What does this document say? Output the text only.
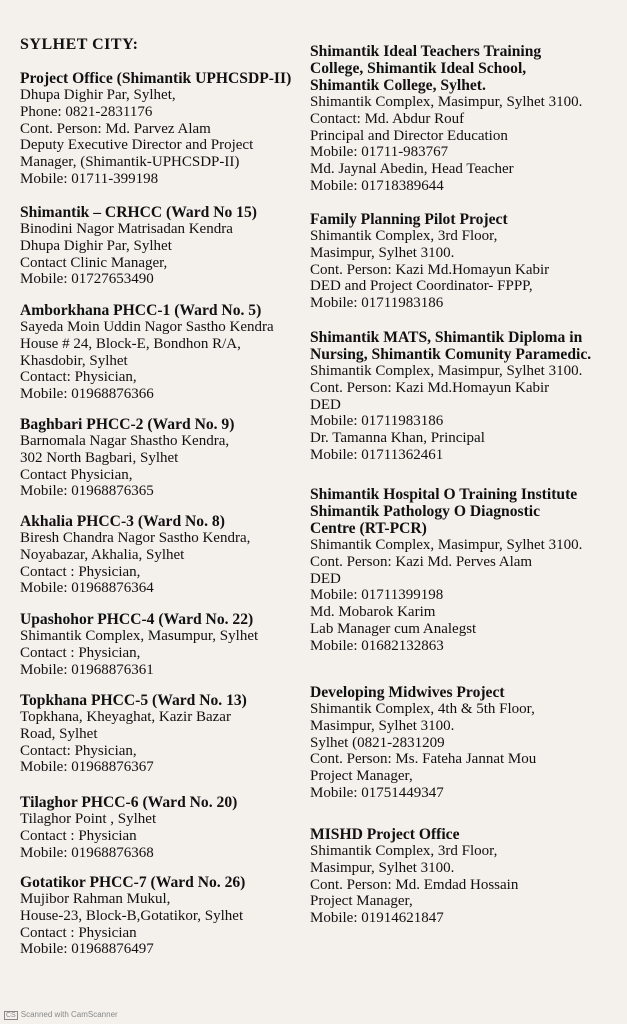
SYLHET CITY:
Project Office (Shimantik UPHCSDP-II)
Dhupa Dighir Par, Sylhet,
Phone: 0821-2831176
Cont. Person: Md. Parvez Alam
Deputy Executive Director and Project
Manager, (Shimantik-UPHCSDP-II)
Mobile: 01711-399198
Shimantik – CRHCC (Ward No 15)
Binodini Nagor Matrisadan Kendra
Dhupa Dighir Par, Sylhet
Contact Clinic Manager,
Mobile: 01727653490
Amborkhana PHCC-1 (Ward No. 5)
Sayeda Moin Uddin Nagor Sastho Kendra
House # 24, Block-E, Bondhon R/A,
Khasdobir, Sylhet
Contact: Physician,
Mobile: 01968876366
Baghbari PHCC-2 (Ward No. 9)
Barnomala Nagar Shastho Kendra,
302 North Bagbari, Sylhet
Contact Physician,
Mobile: 01968876365
Akhalia PHCC-3 (Ward No. 8)
Biresh Chandra Nagor Sastho Kendra,
Noyabazar, Akhalia, Sylhet
Contact : Physician,
Mobile: 01968876364
Upashohor PHCC-4 (Ward No. 22)
Shimantik Complex, Masumpur, Sylhet
Contact : Physician,
Mobile: 01968876361
Topkhana PHCC-5 (Ward No. 13)
Topkhana, Kheyaghat, Kazir Bazar
Road, Sylhet
Contact: Physician,
Mobile: 01968876367
Tilaghor PHCC-6 (Ward No. 20)
Tilaghor Point , Sylhet
Contact : Physician
Mobile: 01968876368
Gotatikor PHCC-7 (Ward No. 26)
Mujibor Rahman Mukul,
House-23, Block-B,Gotatikor, Sylhet
Contact : Physician
Mobile: 01968876497
Shimantik Ideal Teachers Training
College, Shimantik Ideal School,
Shimantik College, Sylhet.
Shimantik Complex, Masimpur, Sylhet 3100.
Contact: Md. Abdur Rouf
Principal and Director Education
Mobile: 01711-983767
Md. Jaynal Abedin, Head Teacher
Mobile: 01718389644
Family Planning Pilot Project
Shimantik Complex, 3rd Floor,
Masimpur, Sylhet 3100.
Cont. Person: Kazi Md.Homayun Kabir
DED and Project Coordinator- FPPP,
Mobile: 01711983186
Shimantik MATS, Shimantik Diploma in
Nursing, Shimantik Comunity Paramedic.
Shimantik Complex, Masimpur, Sylhet 3100.
Cont. Person: Kazi Md.Homayun Kabir
DED
Mobile: 01711983186
Dr. Tamanna Khan, Principal
Mobile: 01711362461
Shimantik Hospital O Training Institute
Shimantik Pathology O Diagnostic
Centre (RT-PCR)
Shimantik Complex, Masimpur, Sylhet 3100.
Cont. Person: Kazi Md. Perves Alam
DED
Mobile: 01711399198
Md. Mobarok Karim
Lab Manager cum Analegst
Mobile: 01682132863
Developing Midwives Project
Shimantik Complex, 4th & 5th Floor,
Masimpur, Sylhet 3100.
Sylhet (0821-2831209
Cont. Person: Ms. Fateha Jannat Mou
Project Manager,
Mobile: 01751449347
MISHD Project Office
Shimantik Complex, 3rd Floor,
Masimpur, Sylhet 3100.
Cont. Person: Md. Emdad Hossain
Project Manager,
Mobile: 01914621847
CS Scanned with CamScanner
